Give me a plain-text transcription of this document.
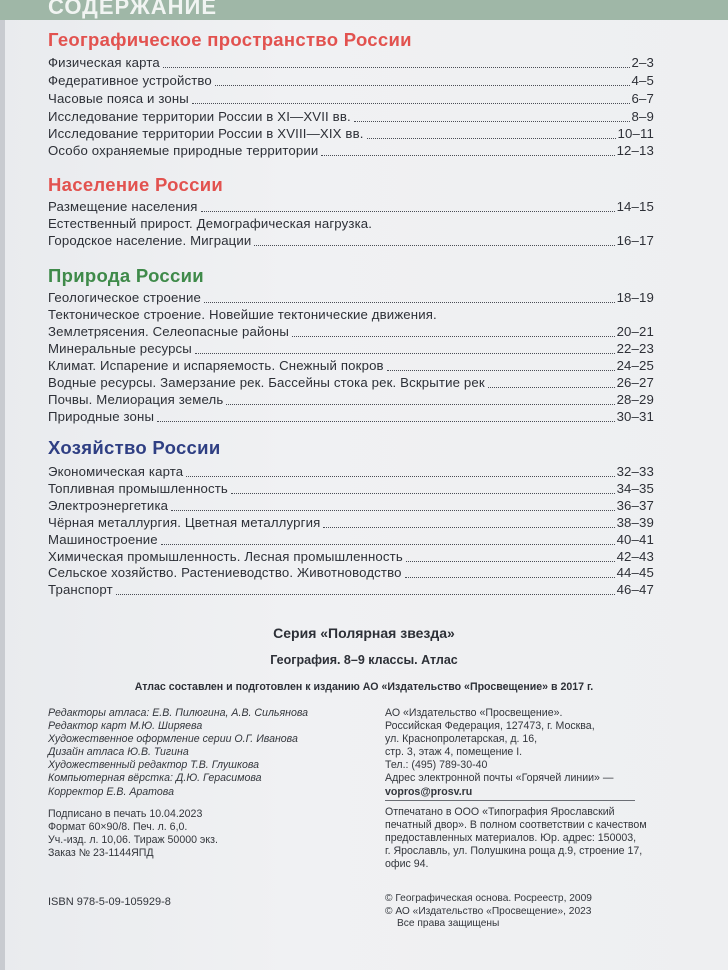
СОДЕРЖАНИЕ
Географическое пространство России
Физическая карта	2–3
Федеративное устройство	4–5
Часовые пояса и зоны	6–7
Исследование территории России в XI—XVII вв.	8–9
Исследование территории России в XVIII—XIX вв.	10–11
Особо охраняемые природные территории	12–13
Население России
Размещение населения	14–15
Естественный прирост. Демографическая нагрузка.
Городское население. Миграции	16–17
Природа России
Геологическое строение	18–19
Тектоническое строение. Новейшие тектонические движения.
Землетрясения. Селеопасные районы	20–21
Минеральные ресурсы	22–23
Климат. Испарение и испаряемость. Снежный покров	24–25
Водные ресурсы. Замерзание рек. Бассейны стока рек. Вскрытие рек	26–27
Почвы. Мелиорация земель	28–29
Природные зоны	30–31
Хозяйство России
Экономическая карта	32–33
Топливная промышленность	34–35
Электроэнергетика	36–37
Чёрная металлургия. Цветная металлургия	38–39
Машиностроение	40–41
Химическая промышленность. Лесная промышленность	42–43
Сельское хозяйство. Растениеводство. Животноводство	44–45
Транспорт	46–47
Серия «Полярная звезда»
География. 8–9 классы. Атлас
Атлас составлен и подготовлен к изданию АО «Издательство «Просвещение» в 2017 г.
Редакторы атласа: Е.В. Пилюгина, А.В. Сильянова
Редактор карт М.Ю. Ширяева
Художественное оформление серии О.Г. Иванова
Дизайн атласа Ю.В. Тигина
Художественный редактор Т.В. Глушкова
Компьютерная вёрстка: Д.Ю. Герасимова
Корректор Е.В. Аратова
Подписано в печать 10.04.2023
Формат 60×90/8. Печ. л. 6,0.
Уч.-изд. л. 10,06. Тираж 50000 экз.
Заказ № 23-1144ЯПД
ISBN 978-5-09-105929-8
АО «Издательство «Просвещение».
Российская Федерация, 127473, г. Москва,
ул. Краснопролетарская, д. 16,
стр. 3, этаж 4, помещение I.
Тел.: (495) 789-30-40
Адрес электронной почты «Горячей линии» —
vopros@prosv.ru
Отпечатано в ООО «Типография Ярославский
печатный двор». В полном соответствии с качеством
предоставленных материалов. Юр. адрес: 150003,
г. Ярославль, ул. Полушкина роща д.9, строение 17,
офис 94.
© Географическая основа. Росреестр, 2009
© АО «Издательство «Просвещение», 2023
Все права защищены
